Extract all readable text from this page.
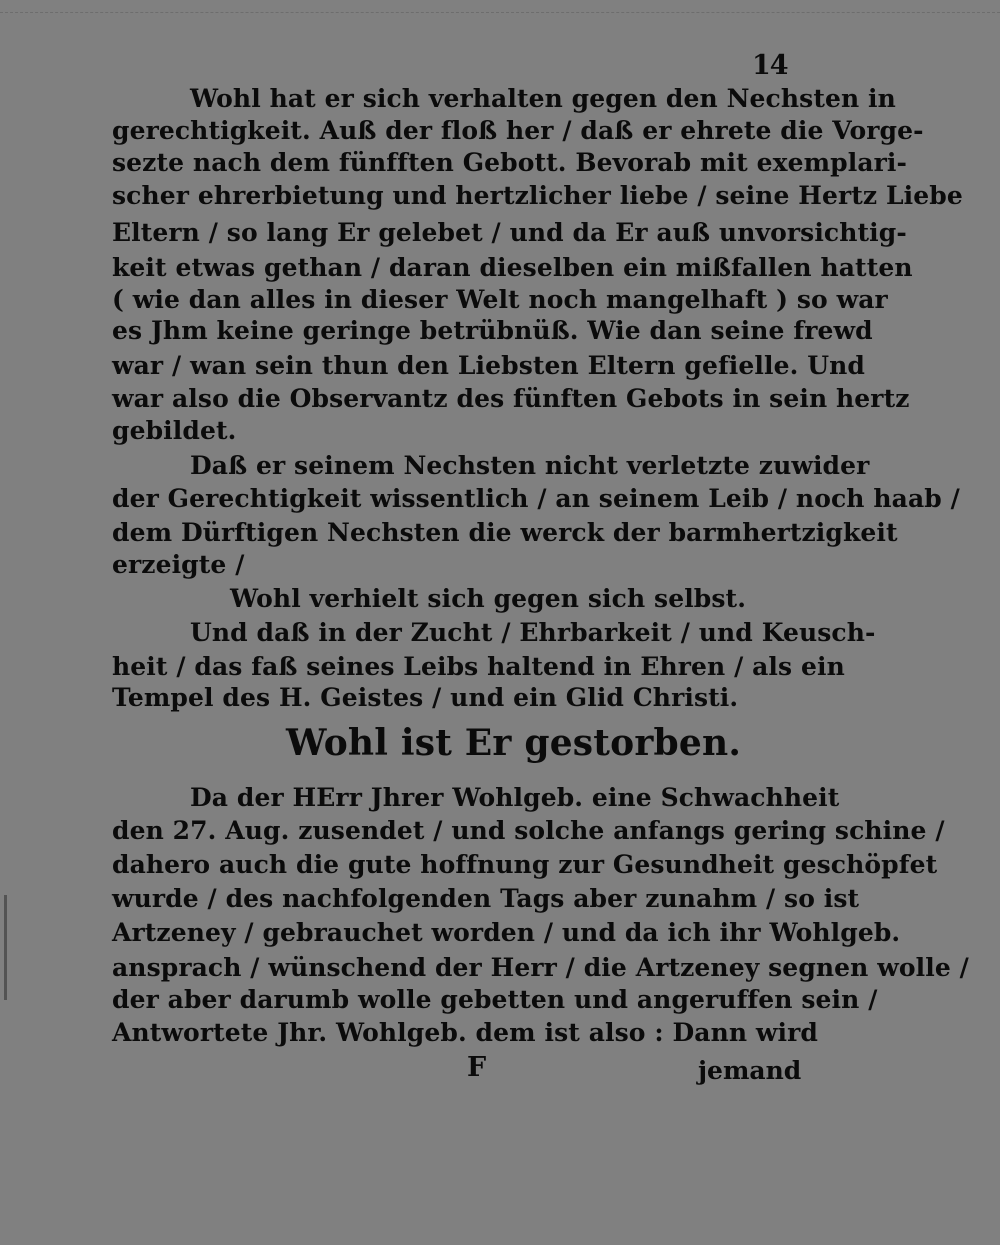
14
Wohl hat er sich verhalten gegen den Nechsten in
gerechtigkeit. Auß der floß her / daß er ehrete die Vorge-
sezte nach dem fünfften Gebott. Bevorab mit exemplari-
scher ehrerbietung und hertzlicher liebe / seine Hertz Liebe
Eltern / so lang Er gelebet / und da Er auß unvorsichtig-
keit etwas gethan / daran dieselben ein mißfallen hatten
( wie dan alles in dieser Welt noch mangelhaft ) so war
es Jhm keine geringe betrübnüß. Wie dan seine frewd
war / wan sein thun den Liebsten Eltern gefielle. Und
war also die Observantz des fünften Gebots in sein hertz
gebildet.
Daß er seinem Nechsten nicht verletzte zuwider
der Gerechtigkeit wissentlich / an seinem Leib / noch haab /
dem Dürftigen Nechsten die werck der barmhertzigkeit
erzeigte /
Wohl verhielt sich gegen sich selbst.
Und daß in der Zucht / Ehrbarkeit / und Keusch-
heit / das faß seines Leibs haltend in Ehren / als ein
Tempel des H. Geistes / und ein Glid Christi.
Wohl ist Er gestorben.
Da der HErr Jhrer Wohlgeb. eine Schwachheit
den 27. Aug. zusendet / und solche anfangs gering schine /
dahero auch die gute hoffnung zur Gesundheit geschöpfet
wurde / des nachfolgenden Tags aber zunahm / so ist
Artzeney / gebrauchet worden / und da ich ihr Wohlgeb.
ansprach / wünschend der Herr / die Artzeney segnen wolle /
der aber darumb wolle gebetten und angeruffen sein /
Antwortete Jhr. Wohlgeb. dem ist also : Dann wird
F	jemand
